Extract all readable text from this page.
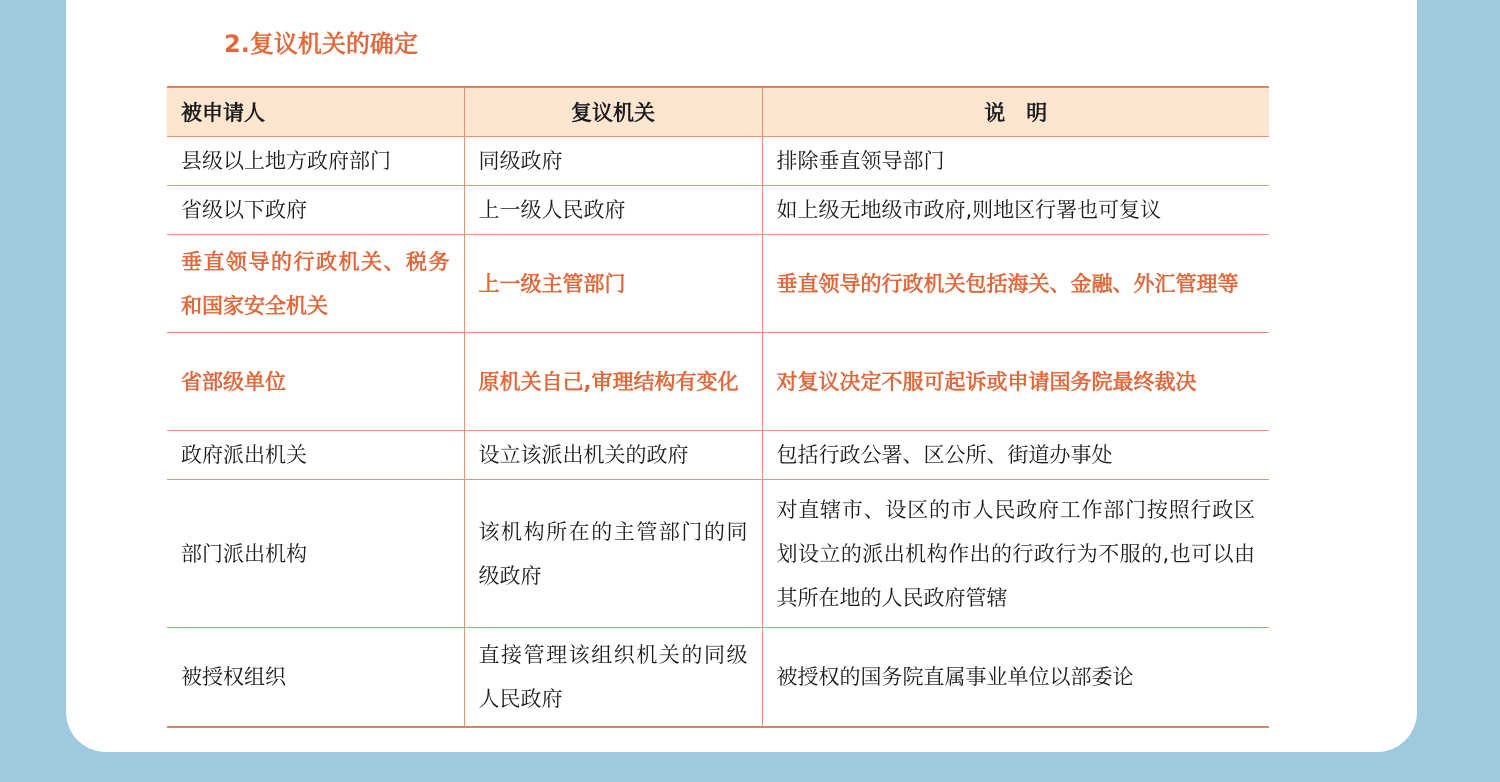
2.复议机关的确定
被申请人	复议机关	说　明
县级以上地方政府部门	同级政府	排除垂直领导部门
省级以下政府	上一级人民政府	如上级无地级市政府,则地区行署也可复议
垂直领导的行政机关、税务和国家安全机关	上一级主管部门	垂直领导的行政机关包括海关、金融、外汇管理等
省部级单位	原机关自己,审理结构有变化	对复议决定不服可起诉或申请国务院最终裁决
政府派出机关	设立该派出机关的政府	包括行政公署、区公所、街道办事处
部门派出机构	该机构所在的主管部门的同级政府	对直辖市、设区的市人民政府工作部门按照行政区划设立的派出机构作出的行政行为不服的,也可以由其所在地的人民政府管辖
被授权组织	直接管理该组织机关的同级人民政府	被授权的国务院直属事业单位以部委论
